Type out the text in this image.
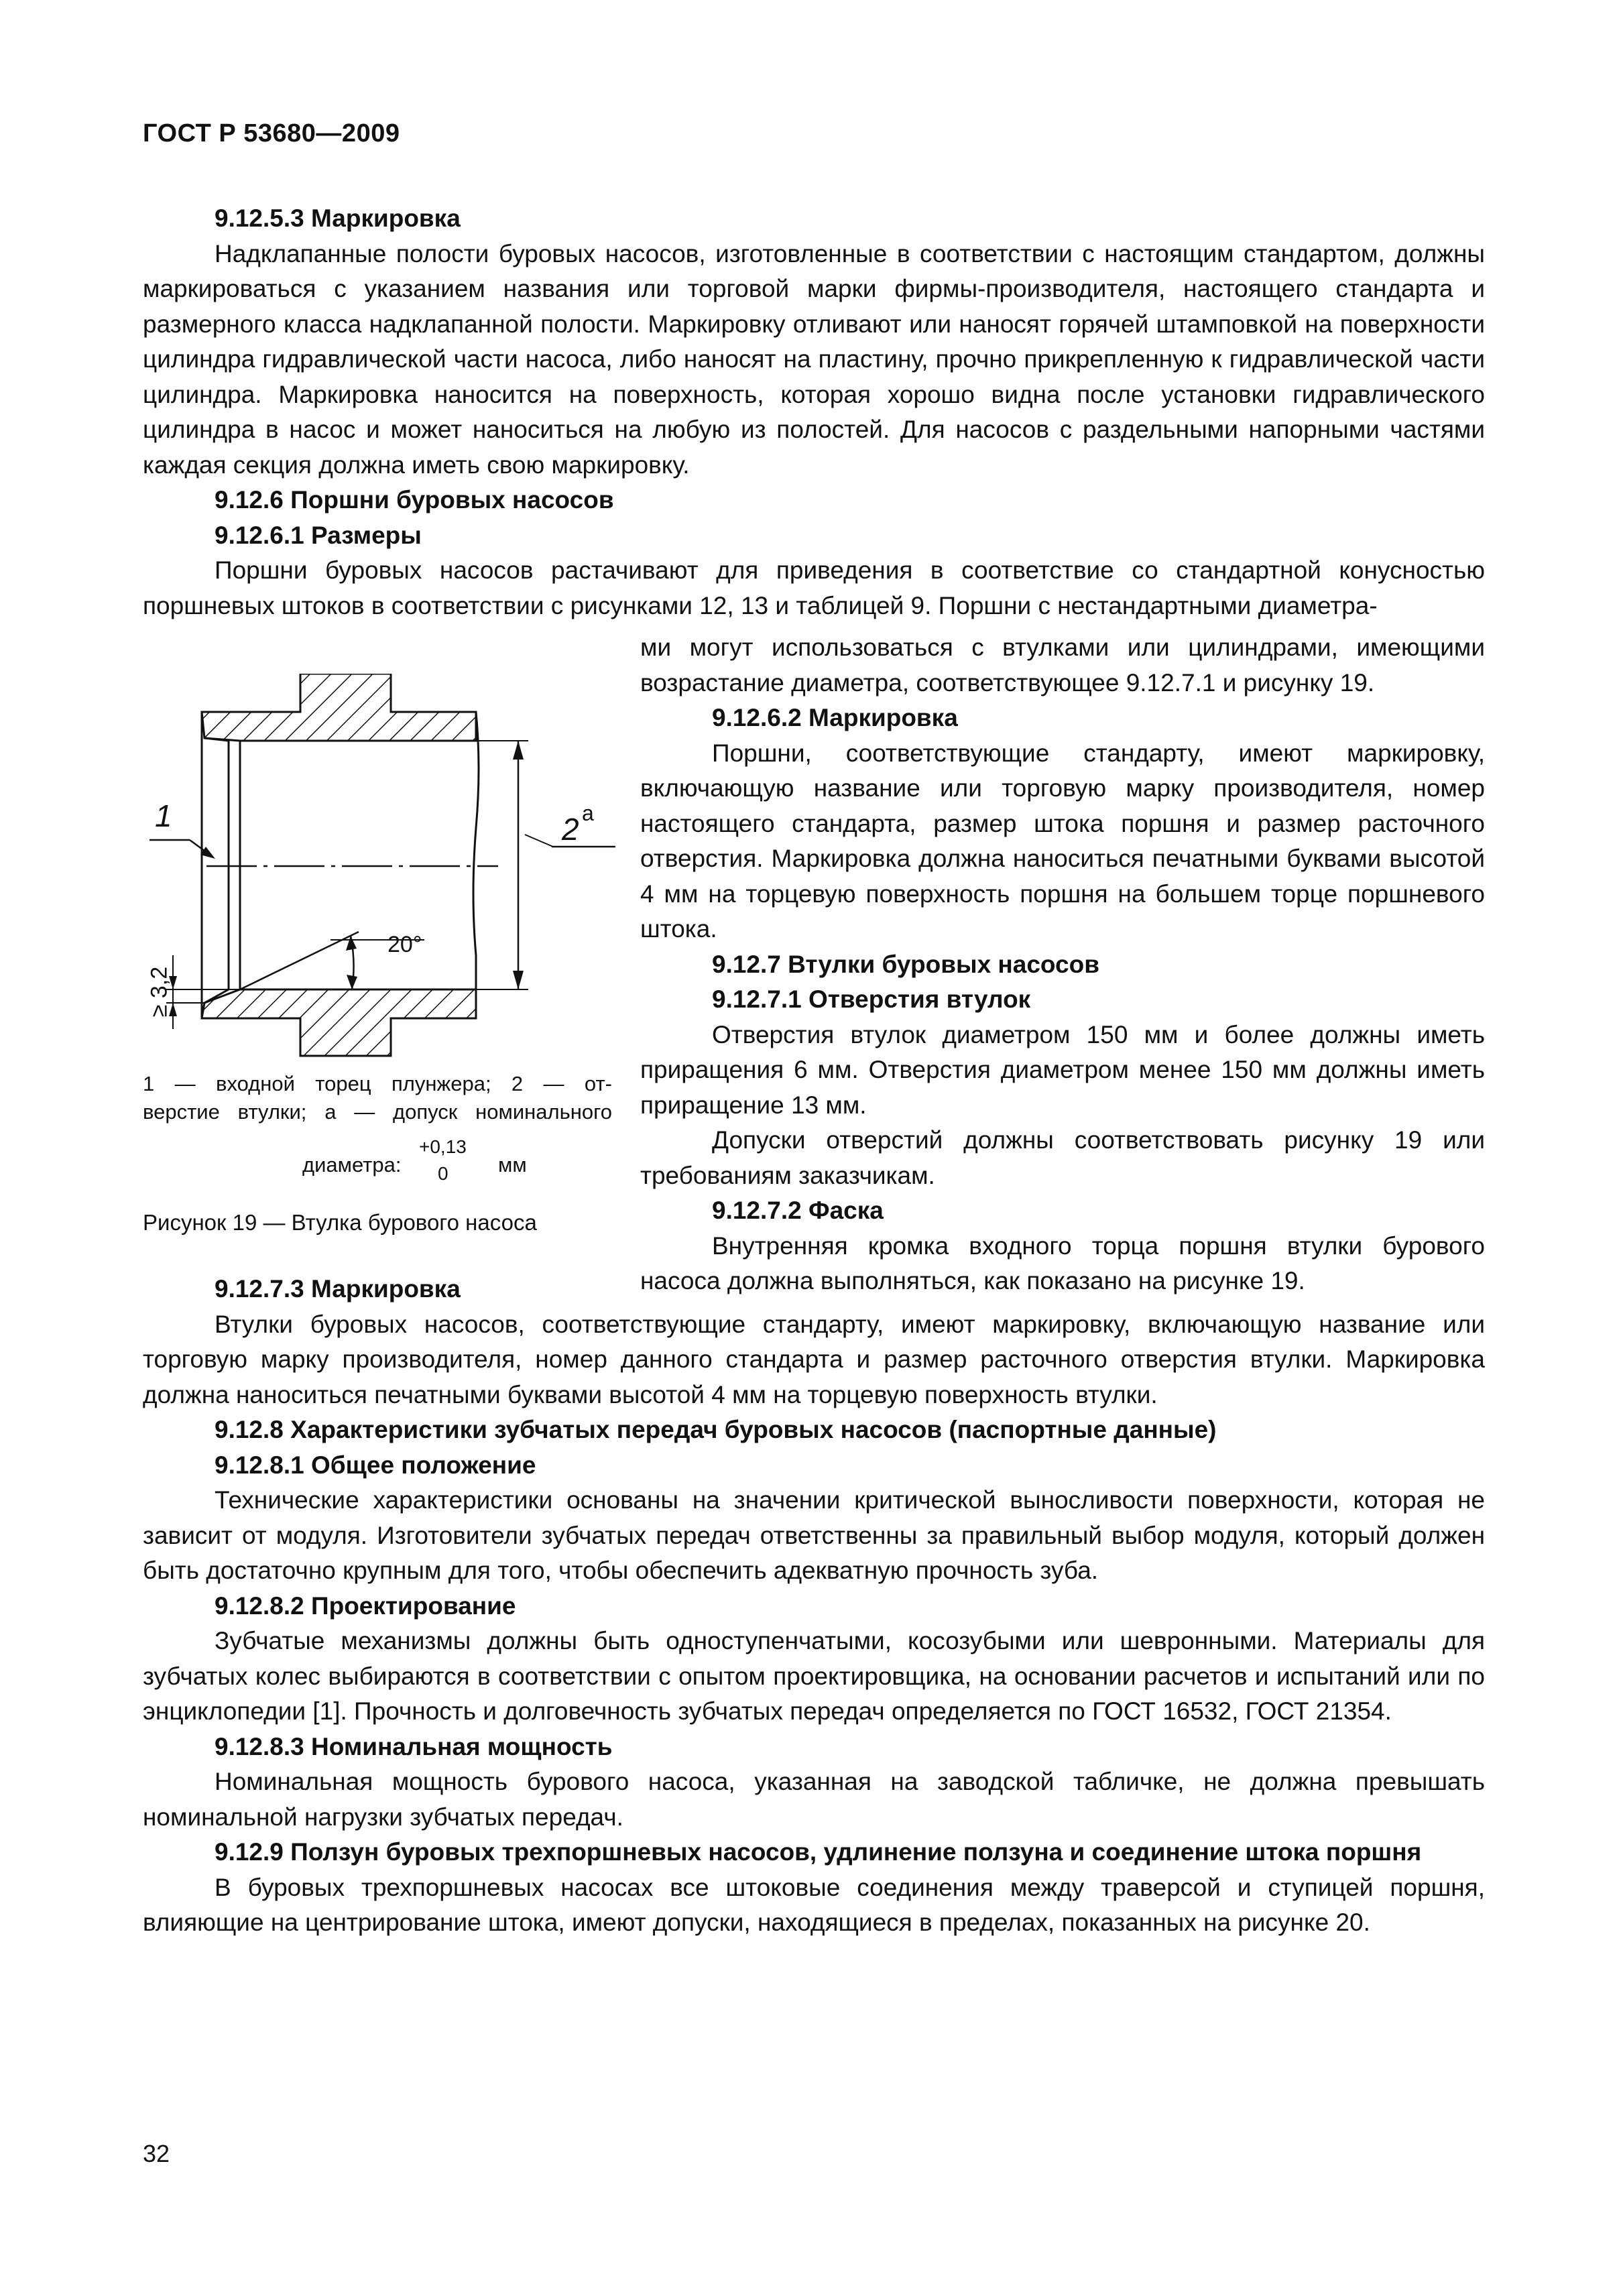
ГОСТ Р 53680—2009

9.12.5.3 Маркировка

Надклапанные полости буровых насосов, изготовленные в соответствии с настоящим стандартом, должны маркироваться с указанием названия или торговой марки фирмы-производителя, настоящего стандарта и размерного класса надклапанной полости. Маркировку отливают или наносят горячей штамповкой на поверхности цилиндра гидравлической части насоса, либо наносят на пластину, прочно прикрепленную к гидравлической части цилиндра. Маркировка наносится на поверхность, которая хорошо видна после установки гидравлического цилиндра в насос и может наноситься на любую из полостей. Для насосов с раздельными напорными частями каждая секция должна иметь свою маркировку.

9.12.6 Поршни буровых насосов

9.12.6.1 Размеры

Поршни буровых насосов растачивают для приведения в соответствие со стандартной конусностью поршневых штоков в соответствии с рисунками 12, 13 и таблицей 9. Поршни с нестандартными диаметра-

1	2 a
≥ 3,2
20°
1 — входной торец плунжера; 2 — от-
верстие втулки; a — допуск номинального
диаметра:
+0,13
0 мм
Рисунок 19 — Втулка бурового насоса

ми могут использоваться с втулками или цилиндрами, имеющими возрастание диаметра, соответствующее 9.12.7.1 и рисунку 19.

9.12.6.2 Маркировка

Поршни, соответствующие стандарту, имеют маркировку, включающую название или торговую марку производителя, номер настоящего стандарта, размер штока поршня и размер расточного отверстия. Маркировка должна наноситься печатными буквами высотой 4 мм на торцевую поверхность поршня на большем торце поршневого штока.

9.12.7 Втулки буровых насосов

9.12.7.1 Отверстия втулок

Отверстия втулок диаметром 150 мм и более должны иметь приращения 6 мм. Отверстия диаметром менее 150 мм должны иметь приращение 13 мм.

Допуски отверстий должны соответствовать рисунку 19 или требованиям заказчикам.

9.12.7.2 Фаска

Внутренняя кромка входного торца поршня втулки бурового насоса должна выполняться, как показано на рисунке 19.

9.12.7.3 Маркировка

Втулки буровых насосов, соответствующие стандарту, имеют маркировку, включающую название или торговую марку производителя, номер данного стандарта и размер расточного отверстия втулки. Маркировка должна наноситься печатными буквами высотой 4 мм на торцевую поверхность втулки.

9.12.8 Характеристики зубчатых передач буровых насосов (паспортные данные)

9.12.8.1 Общее положение

Технические характеристики основаны на значении критической выносливости поверхности, которая не зависит от модуля. Изготовители зубчатых передач ответственны за правильный выбор модуля, который должен быть достаточно крупным для того, чтобы обеспечить адекватную прочность зуба.

9.12.8.2 Проектирование

Зубчатые механизмы должны быть одноступенчатыми, косозубыми или шевронными. Материалы для зубчатых колес выбираются в соответствии с опытом проектировщика, на основании расчетов и испытаний или по энциклопедии [1]. Прочность и долговечность зубчатых передач определяется по ГОСТ 16532, ГОСТ 21354.

9.12.8.3 Номинальная мощность

Номинальная мощность бурового насоса, указанная на заводской табличке, не должна превышать номинальной нагрузки зубчатых передач.

9.12.9 Ползун буровых трехпоршневых насосов, удлинение ползуна и соединение штока поршня

В буровых трехпоршневых насосах все штоковые соединения между траверсой и ступицей поршня, влияющие на центрирование штока, имеют допуски, находящиеся в пределах, показанных на рисунке 20.

32
